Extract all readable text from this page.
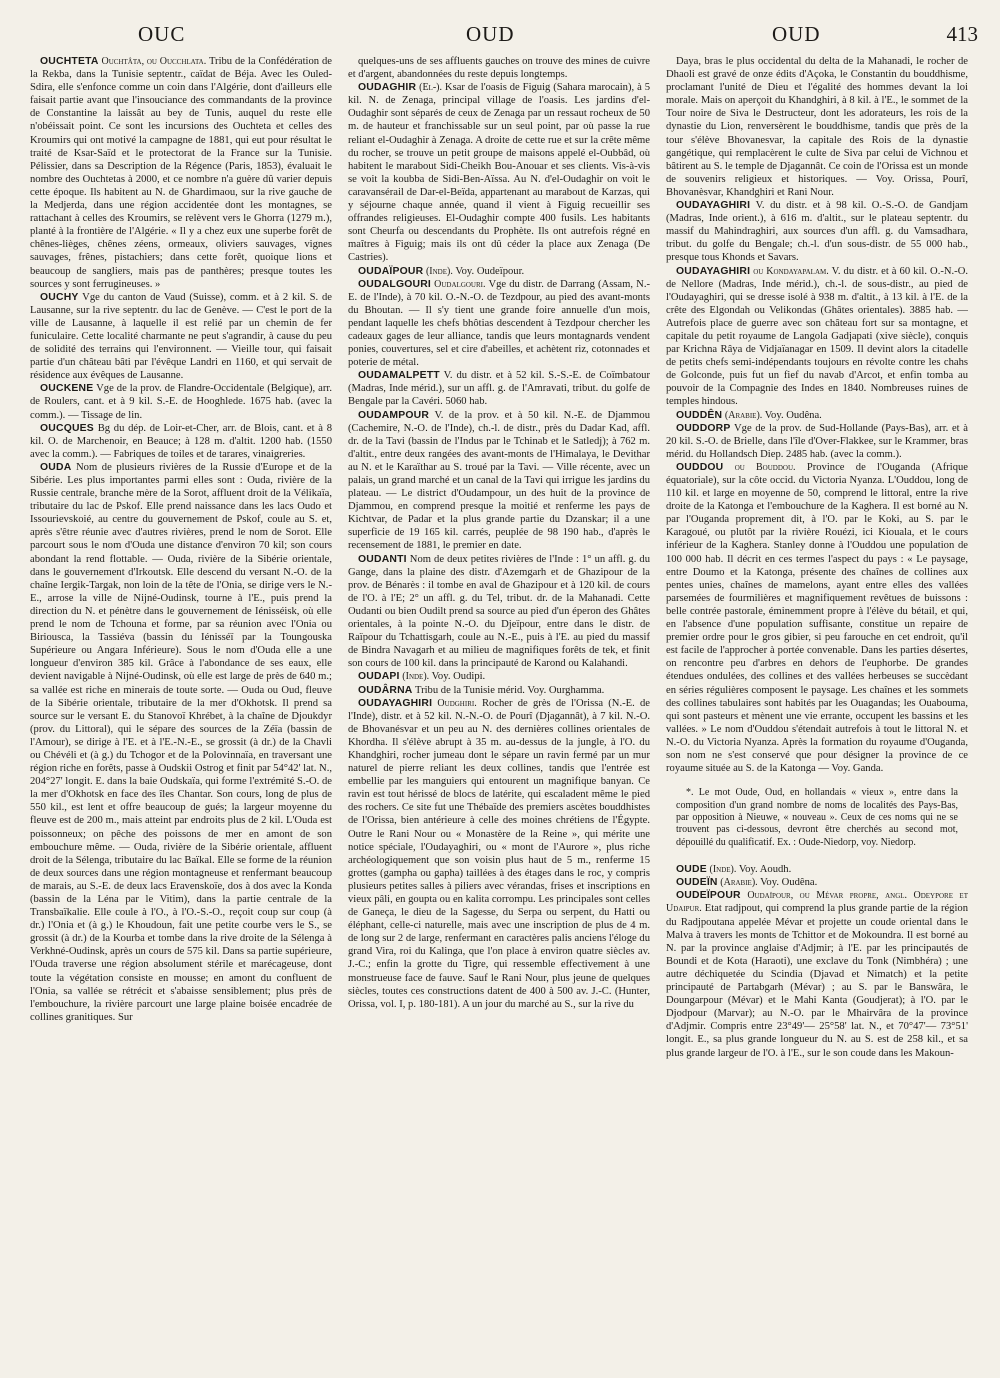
OUC	OUD	OUD	413

OUCHTETA Ouchtâta, ou Oucchlata. Tribu de la Confédération de la Rekba, dans la Tunisie septentr., caïdat de Béja. Avec les Ouled-Sdira, elle s'enfonce comme un coin dans l'Algérie, dont d'ailleurs elle faisait partie avant que l'insouciance des commandants de la province de Constantine la laissât au bey de Tunis, auquel du reste elle n'obéissait point. Ce sont les incursions des Ouchteta et celles des Kroumirs qui ont motivé la campagne de 1881, qui eut pour résultat le traité de Ksar-Saïd et le protectorat de la France sur la Tunisie. Pélissier, dans sa Description de la Régence (Paris, 1853), évaluait le nombre des Ouchtetas à 2000, et ce nombre n'a guère dû varier depuis cette époque. Ils habitent au N. de Ghardimaou, sur la rive gauche de la Medjerda, dans une région accidentée dont les montagnes, se rattachant à celles des Kroumirs, se relèvent vers le Ghorra (1279 m.), planté à la frontière de l'Algérie. « Il y a chez eux une superbe forêt de chênes-lièges, chênes zéens, ormeaux, oliviers sauvages, vignes sauvages, frênes, pistachiers; dans cette forêt, quoique lions et beaucoup de sangliers, mais pas de panthères; presque toutes les sources y sont ferrugineuses. »

OUCHY Vge du canton de Vaud (Suisse), comm. et à 2 kil. S. de Lausanne, sur la rive septentr. du lac de Genève. — C'est le port de la ville de Lausanne, à laquelle il est relié par un chemin de fer funiculaire. Cette localité charmante ne peut s'agrandir, à cause du peu de solidité des terrains qui l'environnent. — Vieille tour, qui faisait partie d'un château bâti par l'évêque Landri en 1160, et qui servait de résidence aux évêques de Lausanne.

OUCKENE Vge de la prov. de Flandre-Occidentale (Belgique), arr. de Roulers, cant. et à 9 kil. S.-E. de Hooghlede. 1675 hab. (avec la comm.). — Tissage de lin.

OUCQUES Bg du dép. de Loir-et-Cher, arr. de Blois, cant. et à 8 kil. O. de Marchenoir, en Beauce; à 128 m. d'altit. 1200 hab. (1550 avec la comm.). — Fabriques de toiles et de tarares, vinaigreries.

OUDA Nom de plusieurs rivières de la Russie d'Europe et de la Sibérie. Les plus importantes parmi elles sont : Ouda, rivière de la Russie centrale, branche mère de la Sorot, affluent droit de la Vélikaïa, tributaire du lac de Pskof. Elle prend naissance dans les lacs Oudo et Issourievskoié, au centre du gouvernement de Pskof, coule au S. et, après s'être réunie avec d'autres rivières, prend le nom de Sorot. Elle parcourt sous le nom d'Ouda une distance d'environ 70 kil; son cours abondant la rend flottable. — Ouda, rivière de la Sibérie orientale, dans le gouvernement d'Irkoutsk. Elle descend du versant N.-O. de la chaîne Iergik-Targak, non loin de la tête de l'Onia, se dirige vers le N.-E., arrose la ville de Nijné-Oudinsk, tourne à l'E., puis prend la direction du N. et pénètre dans le gouvernement de Iénisséisk, où elle prend le nom de Tchouna et forme, par sa réunion avec l'Onia ou Biriousса, la Tassiéva (bassin du Iénisséï par la Toungouska Supérieure ou Angara Inférieure). Sous le nom d'Ouda elle a une longueur d'environ 385 kil. Grâce à l'abondance de ses eaux, elle devient navigable à Nijné-Oudinsk, où elle est large de près de 640 m.; sa vallée est riche en minerais de toute sorte. — Ouda ou Oud, fleuve de la Sibérie orientale, tributaire de la mer d'Okhotsk. Il prend sa source sur le versant E. du Stanovoï Khrébet, à la chaîne de Djoukdyr (prov. du Littoral), qui le sépare des sources de la Zéïa (bassin de l'Amour), se dirige à l'E. et à l'E.-N.-E., se grossit (à dr.) de la Chavli ou Chévéli et (à g.) du Tchogor et de la Polovinnaïa, en traversant une région riche en forêts, passe à Oudskii Ostrog et finit par 54°42' lat. N., 204°27' longit. E. dans la baie Oudskaïa, qui forme l'extrémité S.-O. de la mer d'Okhotsk en face des îles Chantar. Son cours, long de plus de 550 kil., est lent et offre beaucoup de gués; la largeur moyenne du fleuve est de 200 m., mais atteint par endroits plus de 2 kil. L'Ouda est poissonneux; on pêche des poissons de mer en amont de son embouchure même. — Ouda, rivière de la Sibérie orientale, affluent droit de la Sélenga, tributaire du lac Baïkal. Elle se forme de la réunion de deux sources dans une région montagneuse et renfermant beaucoup de marais, au S.-E. de deux lacs Eravenskoïe, dos à dos avec la Konda (bassin de la Léna par le Vitim), dans la partie centrale de la Transbaïkalie. Elle coule à l'O., à l'O.-S.-O., reçoit coup sur coup (à dr.) l'Onia et (à g.) le Khoudoun, fait une petite courbe vers le S., se grossit (à dr.) de la Kourba et tombe dans la rive droite de la Sélenga à Verkhné-Oudinsk, après un cours de 575 kil. Dans sa partie supérieure, l'Ouda traverse une région absolument stérile et marécageuse, dont toute la végétation consiste en mousse; en amont du confluent de l'Onia, sa vallée se rétrécit et s'abaisse sensiblement; plus près de l'embouchure, la rivière parcourt une large plaine boisée encadrée de collines granitiques. Sur

quelques-uns de ses affluents gauches on trouve des mines de cuivre et d'argent, abandonnées du reste depuis longtemps.

OUDAGHIR (El-). Ksar de l'oasis de Figuig (Sahara marocain), à 5 kil. N. de Zenaga, principal village de l'oasis. Les jardins d'el-Oudaghir sont séparés de ceux de Zenaga par un ressaut rocheux de 50 m. de hauteur et franchissable sur un seul point, par où passe la rue reliant el-Oudaghir à Zenaga. A droite de cette rue et sur la crête même du rocher, se trouve un petit groupe de maisons appelé el-Oubbâd, où habitent le marabout Sidi-Cheikh Bou-Anouar et ses clients. Vis-à-vis se voit la koubba de Sidi-Ben-Aïssa. Au N. d'el-Oudaghir on voit le caravansérail de Dar-el-Beïda, appartenant au marabout de Karzas, qui y séjourne chaque année, quand il vient à Figuig recueillir ses offrandes religieuses. El-Oudaghir compte 400 fusils. Les habitants sont Cheurfa ou descendants du Prophète. Ils ont autrefois régné en maîtres à Figuig; mais ils ont dû céder la place aux Zenaga (De Castries).

OUDAÏPOUR (Inde). Voy. Oudeïpour.

OUDALGOURI Oudalgouri. Vge du distr. de Darrang (Assam, N.-E. de l'Inde), à 70 kil. O.-N.-O. de Tezdpour, au pied des avant-monts du Bhoutan. — Il s'y tient une grande foire annuelle d'un mois, pendant laquelle les chefs bhôtias descendent à Tezdpour chercher les cadeaux gages de leur alliance, tandis que leurs montagnards vendent ponies, couvertures, sel et cire d'abeilles, et achètent riz, cotonnades et poterie de métal.

OUDAMALPETT V. du distr. et à 52 kil. S.-S.-E. de Coïmbatour (Madras, Inde mérid.), sur un affl. g. de l'Amravati, tribut. du golfe de Bengale par la Cavéri. 5060 hab.

OUDAMPOUR V. de la prov. et à 50 kil. N.-E. de Djammou (Cachemire, N.-O. de l'Inde), ch.-l. de distr., près du Dadar Kad, affl. dr. de la Tavi (bassin de l'Indus par le Tchinab et le Satledj); à 762 m. d'altit., entre deux rangées des avant-monts de l'Himalaya, le Devithar au N. et le Karaïthar au S. troué par la Tavi. — Ville récente, avec un palais, un grand marché et un canal de la Tavi qui irrigue les jardins du plateau. — Le district d'Oudampour, un des huit de la province de Djammou, en comprend presque la moitié et renferme les pays de Kichtvar, de Padar et la plus grande partie du Dzanskar; il a une superficie de 19 165 kil. carrés, peuplée de 98 190 hab., d'après le recensement de 1881, le premier en date.

OUDANTI Nom de deux petites rivières de l'Inde : 1° un affl. g. du Gange, dans la plaine des distr. d'Azemgarh et de Ghazipour de la prov. de Bénarès : il tombe en aval de Ghazipour et à 120 kil. de cours de l'O. à l'E; 2° un affl. g. du Tel, tribut. dr. de la Mahanadi. Cette Oudanti ou bien Oudilt prend sa source au pied d'un éperon des Ghâtes orientales, à la pointe N.-O. du Djeïpour, entre dans le distr. de Raïpour du Tchattisgarh, coule au N.-E., puis à l'E. au pied du massif de Bindra Navagarh et au milieu de magnifiques forêts de tek, et finit son cours de 100 kil. dans la principauté de Karond ou Kalahandi.

OUDAPI (Inde). Voy. Oudipi.

OUDÂRNA Tribu de la Tunisie mérid. Voy. Ourghamma.

OUDAYAGHIRI Oudghiri. Rocher de grès de l'Orissa (N.-E. de l'Inde), distr. et à 52 kil. N.-N.-O. de Pourî (Djagannât), à 7 kil. N.-O. de Bhovanésvar et un peu au N. des dernières collines orientales de Khordha. Il s'élève abrupt à 35 m. au-dessus de la jungle, à l'O. du Khandghiri, rocher jumeau dont le sépare un ravin fermé par un mur naturel de pierre reliant les deux collines, tandis que l'entrée est embellie par les manguiers qui entourent un magnifique banyan. Ce ravin est tout hérissé de blocs de latérite, qui escaladent même le pied des rochers. Ce site fut une Thébaïde des premiers ascètes bouddhistes de l'Orissa, bien antérieure à celle des moines chrétiens de l'Égypte. Outre le Rani Nour ou « Monastère de la Reine », qui mérite une notice spéciale, l'Oudayaghiri, ou « mont de l'Aurore », plus riche archéologiquement que son voisin plus haut de 5 m., renferme 15 grottes (gampha ou gapha) taillées à des étages dans le roc, y compris plusieurs petites salles à piliers avec vérandas, frises et inscriptions en vieux pâli, en goupta ou en kalita corrompu. Les principales sont celles de Ganeça, le dieu de la Sagesse, du Serpa ou serpent, du Hatti ou éléphant, celle-ci naturelle, mais avec une inscription de plus de 4 m. de long sur 2 de large, renfermant en caractères palis anciens l'éloge du grand Vira, roi du Kalinga, que l'on place à environ quatre siècles av. J.-C.; enfin la grotte du Tigre, qui ressemble effectivement à une monstrueuse face de fauve. Sauf le Rani Nour, plus jeune de quelques siècles, toutes ces constructions datent de 400 à 500 av. J.-C. (Hunter, Orissa, vol. I, p. 180-181). A un jour du marché au S., sur la rive du

Daya, bras le plus occidental du delta de la Mahanadi, le rocher de Dhaoli est gravé de onze édits d'Açoka, le Constantin du bouddhisme, proclamant l'unité de Dieu et l'égalité des hommes devant la loi morale. Mais on aperçoit du Khandghiri, à 8 kil. à l'E., le sommet de la Tour noire de Siva le Destructeur, dont les adorateurs, les rois de la dynastie du Lion, renversèrent le bouddhisme, tandis que près de la tour s'élève Bhovanesvar, la capitale des Rois de la dynastie gangétique, qui remplacèrent le culte de Siva par celui de Vichnou et bâtirent au S. le temple de Djagannât. Ce coin de l'Orissa est un monde de souvenirs religieux et historiques. — Voy. Orissa, Pourî, Bhovanèsvar, Khandghiri et Rani Nour.

OUDAYAGHIRI V. du distr. et à 98 kil. O.-S.-O. de Gandjam (Madras, Inde orient.), à 616 m. d'altit., sur le plateau septentr. du massif du Mahindraghiri, aux sources d'un affl. g. du Vamsadhara, tribut. du golfe du Bengale; ch.-l. d'un sous-distr. de 55 000 hab., presque tous Khonds et Savars.

OUDAYAGHIRI ou Kondayapalam. V. du distr. et à 60 kil. O.-N.-O. de Nellore (Madras, Inde mérid.), ch.-l. de sous-distr., au pied de l'Oudayaghiri, qui se dresse isolé à 938 m. d'altit., à 13 kil. à l'E. de la crête des Elgondah ou Velikondas (Ghâtes orientales). 3885 hab. — Autrefois place de guerre avec son château fort sur sa montagne, et capitale du petit royaume de Langola Gadjapati (xive siècle), conquis par Krichna Râya de Vidjaïanagar en 1509. Il devint alors la citadelle de petits chefs semi-indépendants toujours en révolte contre les chahs de Golconde, puis fut un fief du navab d'Arcot, et enfin tomba au pouvoir de la Compagnie des Indes en 1840. Nombreuses ruines de temples hindous.

OUDDÊN (Arabie). Voy. Oudêna.

OUDDORP Vge de la prov. de Sud-Hollande (Pays-Bas), arr. et à 20 kil. S.-O. de Brielle, dans l'île d'Over-Flakkee, sur le Krammer, bras mérid. du Hollandsch Diep. 2485 hab. (avec la comm.).

OUDDOU ou Bouddou. Province de l'Ouganda (Afrique équatoriale), sur la côte occid. du Victoria Nyanza. L'Ouddou, long de 110 kil. et large en moyenne de 50, comprend le littoral, entre la rive droite de la Katonga et l'embouchure de la Kaghera. Il est borné au N. par l'Ouganda proprement dit, à l'O. par le Koki, au S. par le Karagoué, ou plutôt par la rivière Rouézi, ici Kiouala, et le cours inférieur de la Kaghera. Stanley donne à l'Ouddou une population de 100 000 hab. Il décrit en ces termes l'aspect du pays : « Le paysage, entre Doumo et la Katonga, présente des chaînes de collines aux pentes unies, chaînes de mamelons, ayant entre elles des vallées parsemées de fourmilières et magnifiquement revêtues de buissons : belle contrée pastorale, éminemment propre à l'élève du bétail, et qui, en l'absence d'une population suffisante, constitue un repaire de premier ordre pour le gros gibier, si peu farouche en cet endroit, qu'il est facile de l'approcher à portée convenable. Dans les parties désertes, on rencontre peu d'arbres en dehors de l'euphorbe. De grandes étendues ondulées, des collines et des vallées herbeuses se succèdant en séries régulières composent le paysage. Les chaînes et les sommets des collines tabulaires sont habités par les Ouagandas; les Ouabouma, qui sont pasteurs et mènent une vie errante, occupent les bassins et les vallées. » Le nom d'Ouddou s'étendait autrefois à tout le littoral N. et N.-O. du Victoria Nyanza. Après la formation du royaume d'Ouganda, son nom ne s'est conservé que pour désigner la province de ce royaume située au S. de la Katonga — Voy. Ganda.

*. Le mot Oude, Oud, en hollandais « vieux », entre dans la composition d'un grand nombre de noms de localités des Pays-Bas, par opposition à Nieuwe, « nouveau ». Ceux de ces noms qui ne se trouvent pas ci-dessous, devront être cherchés au second mot, dépouillé du qualificatif. Ex. : Oude-Niedorp, voy. Niedorp.

OUDE (Inde). Voy. Aoudh.

OUDEÏN (Arabie). Voy. Oudêna.

OUDEÏPOUR Oudaïpour, ou Mévar propre, angl. Odeypore et Udaipur. Etat radjpout, qui comprend la plus grande partie de la région du Radjpoutana appelée Mévar et projette un coude oriental dans le Malva à travers les monts de Tchittor et de Mokoundra. Il est borné au N. par la province anglaise d'Adjmir; à l'E. par les principautés de Boundi et de Kota (Haraoti), une exclave du Tonk (Nimbhéra) ; une autre déchiquetée du Scindia (Djavad et Nimatch) et la petite principauté de Partabgarh (Mévar) ; au S. par le Banswâra, le Doungarpour (Mévar) et le Mahi Kanta (Goudjerat); à l'O. par le Djodpour (Marvar); au N.-O. par le Mhairvâra de la province d'Adjmir. Compris entre 23°49'— 25°58' lat. N., et 70°47'— 73°51' longit. E., sa plus grande longueur du N. au S. est de 258 kil., et sa plus grande largeur de l'O. à l'E., sur le son coude dans les Makoun-
